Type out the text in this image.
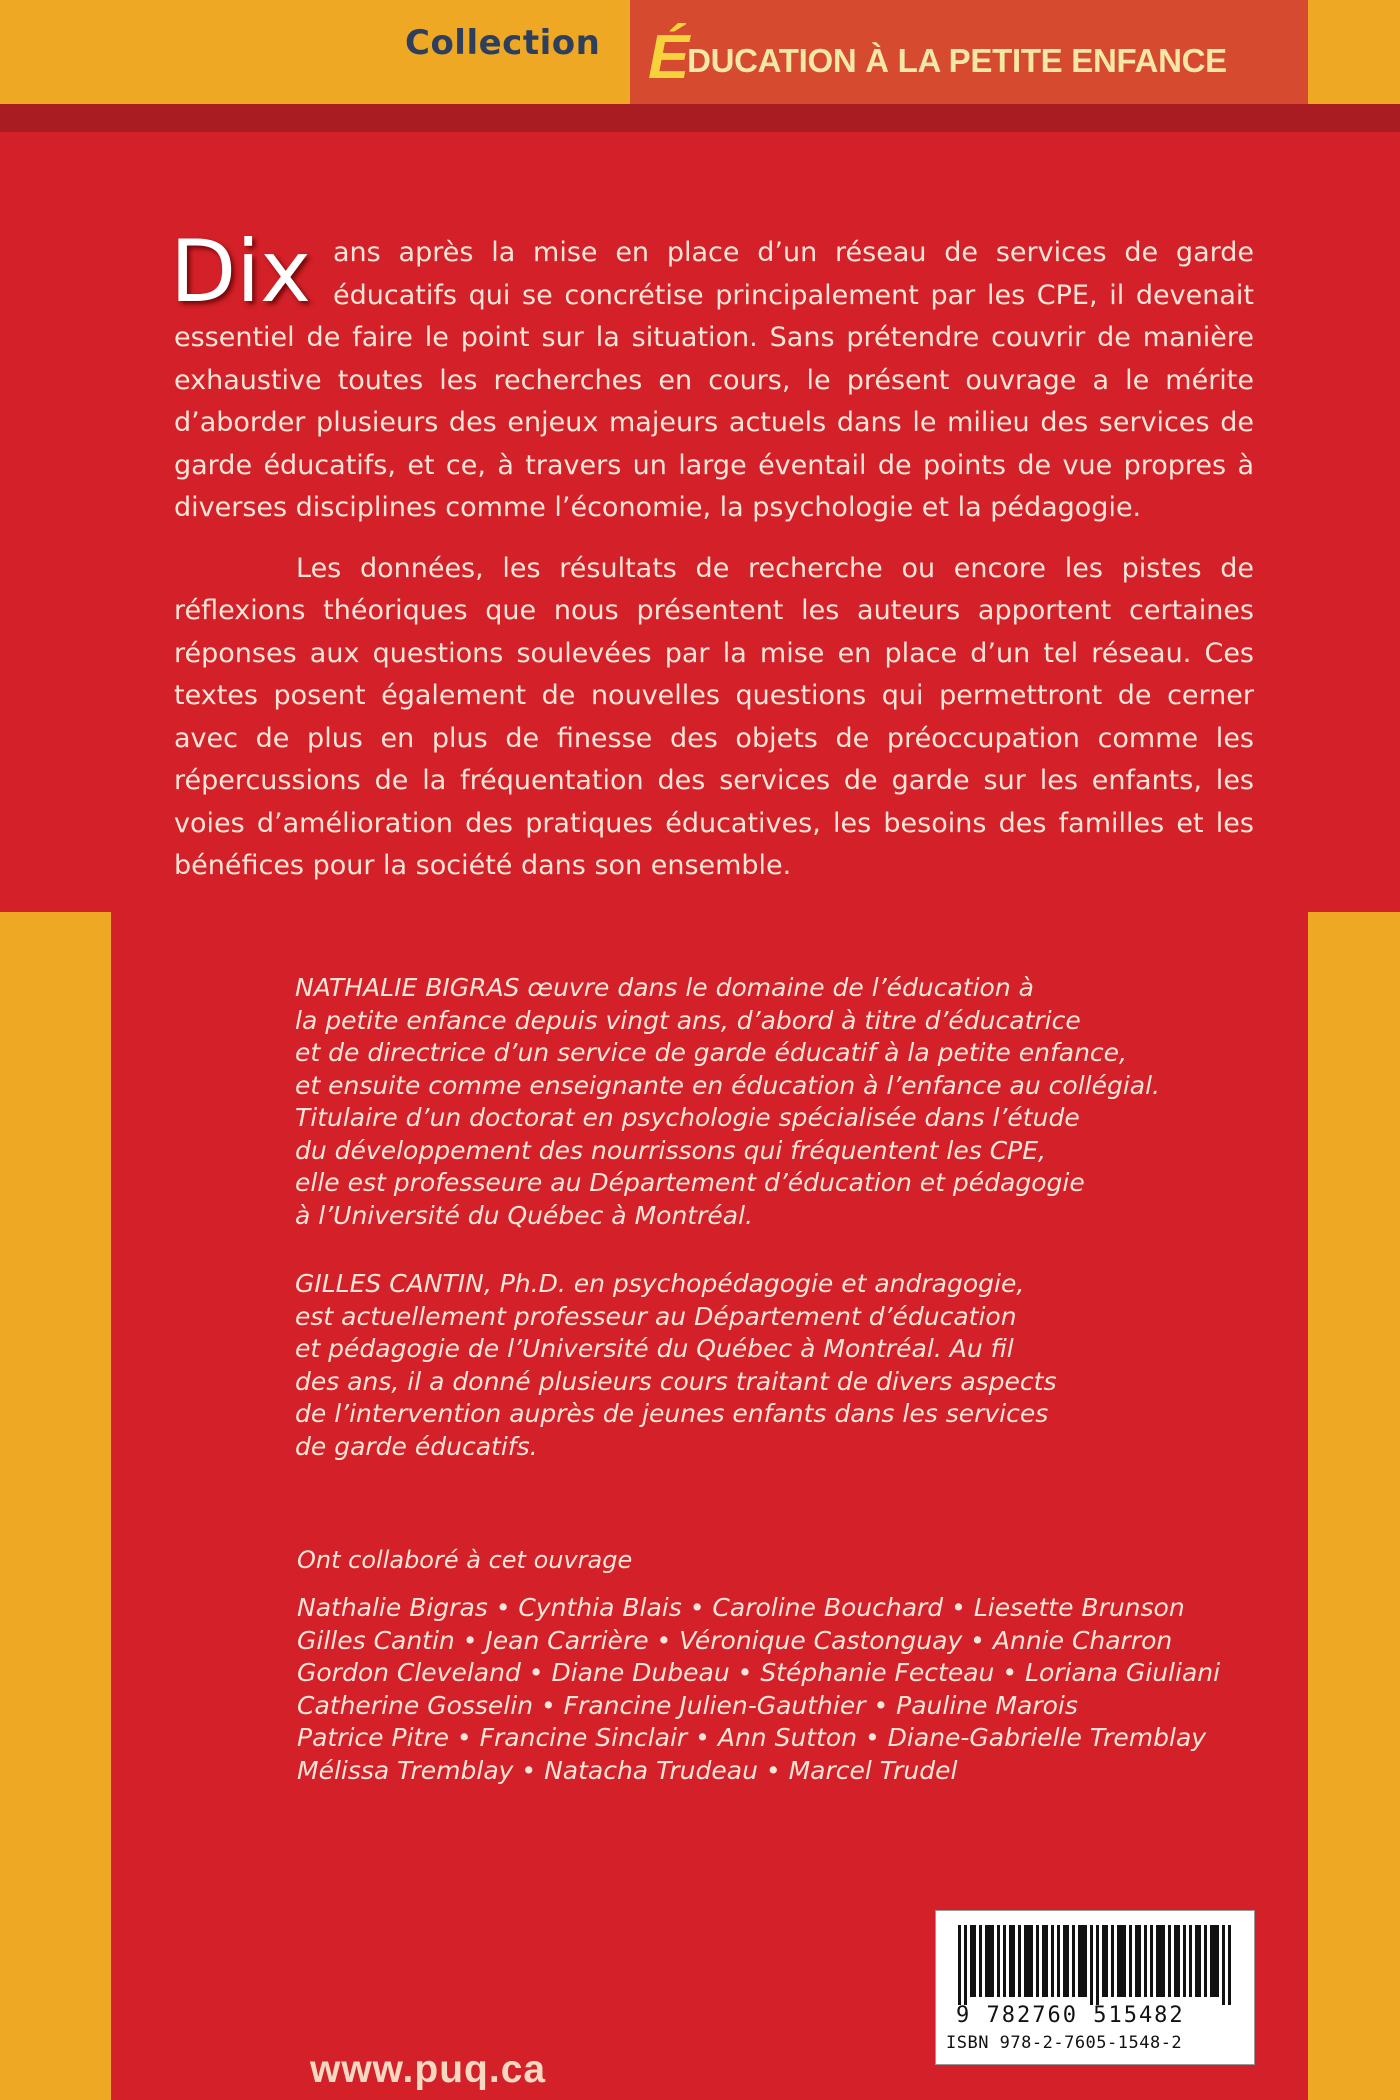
Collection ÉDUCATION À LA PETITE ENFANCE

Dix ans après la mise en place d’un réseau de services de garde éducatifs qui se concrétise principalement par les CPE, il devenait essentiel de faire le point sur la situation. Sans prétendre couvrir de manière exhaustive toutes les recherches en cours, le présent ouvrage a le mérite d’aborder plusieurs des enjeux majeurs actuels dans le milieu des services de garde éducatifs, et ce, à travers un large éventail de points de vue propres à diverses disciplines comme l’économie, la psychologie et la pédagogie.

Les données, les résultats de recherche ou encore les pistes de réflexions théoriques que nous présentent les auteurs apportent certaines réponses aux questions soulevées par la mise en place d’un tel réseau. Ces textes posent également de nouvelles questions qui permettront de cerner avec de plus en plus de finesse des objets de préoccupation comme les répercussions de la fréquentation des services de garde sur les enfants, les voies d’amélioration des pratiques éducatives, les besoins des familles et les bénéfices pour la société dans son ensemble.

NATHALIE BIGRAS œuvre dans le domaine de l’éducation à
la petite enfance depuis vingt ans, d’abord à titre d’éducatrice
et de directrice d’un service de garde éducatif à la petite enfance,
et ensuite comme enseignante en éducation à l’enfance au collégial.
Titulaire d’un doctorat en psychologie spécialisée dans l’étude
du développement des nourrissons qui fréquentent les CPE,
elle est professeure au Département d’éducation et pédagogie
à l’Université du Québec à Montréal.
GILLES CANTIN, Ph.D. en psychopédagogie et andragogie,
est actuellement professeur au Département d’éducation
et pédagogie de l’Université du Québec à Montréal. Au fil
des ans, il a donné plusieurs cours traitant de divers aspects
de l’intervention auprès de jeunes enfants dans les services
de garde éducatifs.
Ont collaboré à cet ouvrage
Nathalie Bigras • Cynthia Blais • Caroline Bouchard • Liesette Brunson
Gilles Cantin • Jean Carrière • Véronique Castonguay • Annie Charron
Gordon Cleveland • Diane Dubeau • Stéphanie Fecteau • Loriana Giuliani
Catherine Gosselin • Francine Julien-Gauthier • Pauline Marois
Patrice Pitre • Francine Sinclair • Ann Sutton • Diane-Gabrielle Tremblay
Mélissa Tremblay • Natacha Trudeau • Marcel Trudel
www.puq.ca
9 782760 515482
ISBN 978-2-7605-1548-2
